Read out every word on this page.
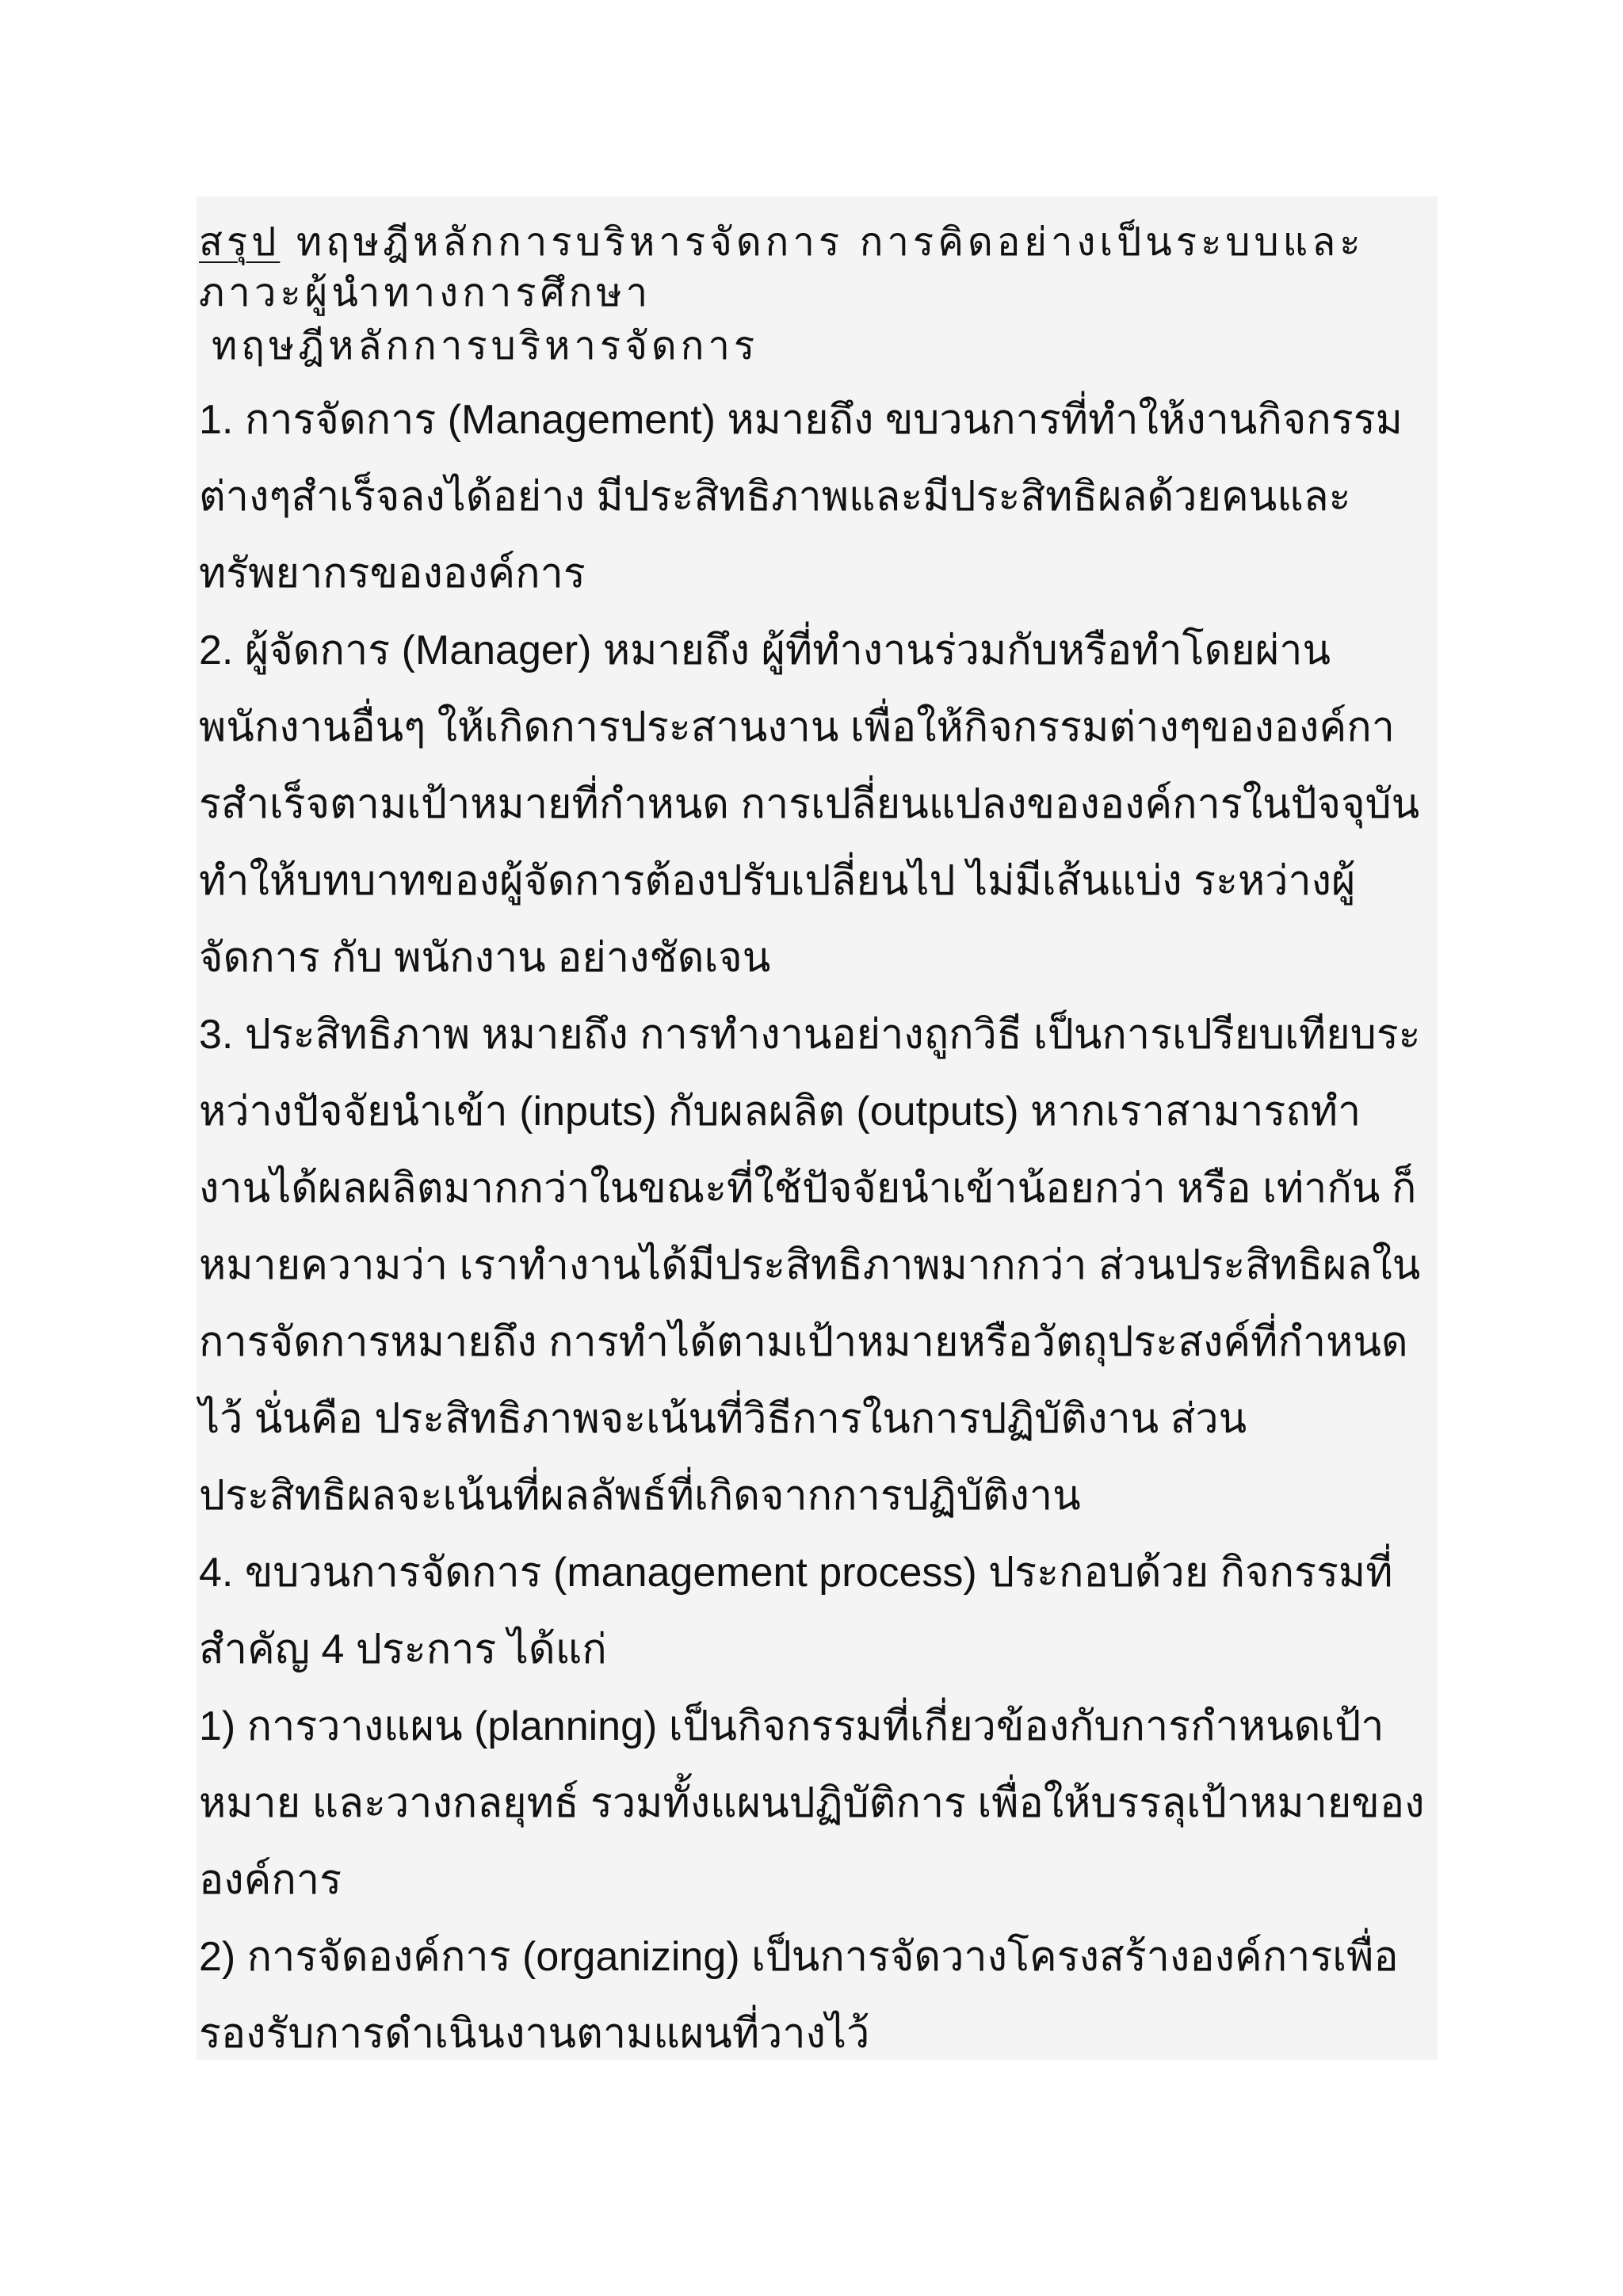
สรุป ทฤษฎีหลักการบริหารจัดการ การคิดอย่างเป็นระบบและ
ภาวะผู้นำทางการศึกษา
ทฤษฎีหลักการบริหารจัดการ

1. การจัดการ (Management) หมายถึง ขบวนการที่ทำให้งานกิจกรรม

ต่างๆสำเร็จลงได้อย่าง มีประสิทธิภาพและมีประสิทธิผลด้วยคนและ

ทรัพยากรขององค์การ

2. ผู้จัดการ (Manager) หมายถึง ผู้ที่ทำงานร่วมกับหรือทำโดยผ่าน

พนักงานอื่นๆ ให้เกิดการประสานงาน เพื่อให้กิจกรรมต่างๆขององค์กา

รสำเร็จตามเป้าหมายที่กำหนด การเปลี่ยนแปลงขององค์การในปัจจุบัน

ทำให้บทบาทของผู้จัดการต้องปรับเปลี่ยนไป ไม่มีเส้นแบ่ง ระหว่างผู้

จัดการ กับ พนักงาน อย่างชัดเจน

3. ประสิทธิภาพ หมายถึง การทำงานอย่างถูกวิธี เป็นการเปรียบเทียบระ

หว่างปัจจัยนำเข้า (inputs) กับผลผลิต (outputs) หากเราสามารถทำ

งานได้ผลผลิตมากกว่าในขณะที่ใช้ปัจจัยนำเข้าน้อยกว่า หรือ เท่ากัน ก็

หมายความว่า เราทำงานได้มีประสิทธิภาพมากกว่า ส่วนประสิทธิผลใน

การจัดการหมายถึง การทำได้ตามเป้าหมายหรือวัตถุประสงค์ที่กำหนด

ไว้ นั่นคือ ประสิทธิภาพจะเน้นที่วิธีการในการปฏิบัติงาน ส่วน

ประสิทธิผลจะเน้นที่ผลลัพธ์ที่เกิดจากการปฏิบัติงาน

4. ขบวนการจัดการ (management process) ประกอบด้วย กิจกรรมที่

สำคัญ 4 ประการ ได้แก่

1) การวางแผน (planning) เป็นกิจกรรมที่เกี่ยวข้องกับการกำหนดเป้า

หมาย และวางกลยุทธ์ รวมทั้งแผนปฏิบัติการ เพื่อให้บรรลุเป้าหมายของ

องค์การ

2) การจัดองค์การ (organizing) เป็นการจัดวางโครงสร้างองค์การเพื่อ

รองรับการดำเนินงานตามแผนที่วางไว้
